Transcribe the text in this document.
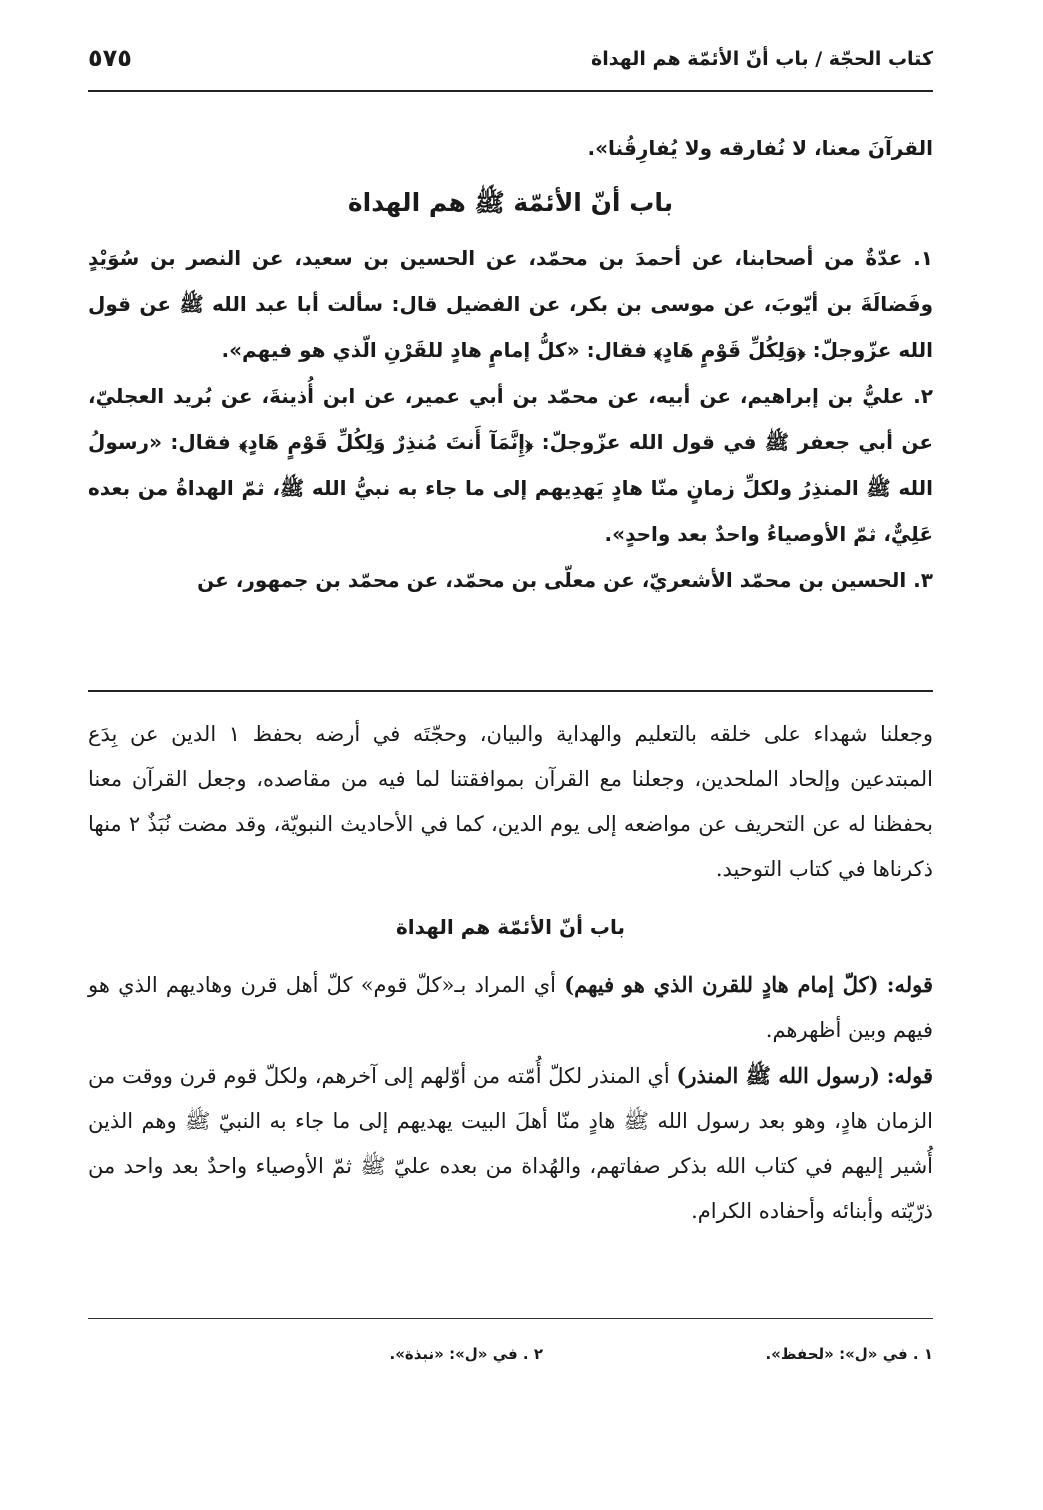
٥٧٥	كتاب الحجّة / باب أنّ الأئمّة هم الهداة

القرآنَ معنا، لا نُفارقه ولا يُفارِقُنا».

باب أنّ الأئمّة ﷺ هم الهداة

١. عدّةٌ من أصحابنا، عن أحمدَ بن محمّد، عن الحسين بن سعيد، عن النصر بن سُوَيْدٍ وفَضالَةَ بن أيّوبَ، عن موسى بن بكر، عن الفضيل قال: سألت أبا عبد الله ﷺ عن قول الله عزّوجلّ: ﴿وَلِكُلِّ قَوْمٍ هَادٍ﴾ فقال: «كلُّ إمامٍ هادٍ للقَرْنِ الّذي هو فيهم».

٢. عليُّ بن إبراهيم، عن أبيه، عن محمّد بن أبي عمير، عن ابن أُذينةَ، عن بُريد العجليّ، عن أبي جعفر ﷺ في قول الله عزّوجلّ: ﴿إِنَّمَآ أَنتَ مُنذِرٌ وَلِكُلِّ قَوْمٍ هَادٍ﴾ فقال: «رسولُ الله ﷺ المنذِرُ ولكلِّ زمانٍ منّا هادٍ يَهدِيهم إلى ما جاء به نبيُّ الله ﷺ، ثمّ الهداةُ من بعده عَلِيٌّ، ثمّ الأوصياءُ واحدٌ بعد واحدٍ».

٣. الحسين بن محمّد الأشعريّ، عن معلّى بن محمّد، عن محمّد بن جمهور، عن

وجعلنا شهداء على خلقه بالتعليم والهداية والبيان، وحجّتَه في أرضه بحفظ ١ الدين عن بِدَع المبتدعين وإلحاد الملحدين، وجعلنا مع القرآن بموافقتنا لما فيه من مقاصده، وجعل القرآن معنا بحفظنا له عن التحريف عن مواضعه إلى يوم الدين، كما في الأحاديث النبويّة، وقد مضت نُبَذٌ ٢ منها ذكرناها في كتاب التوحيد.

باب أنّ الأئمّة هم الهداة

قوله: (كلّ إمام هادٍ للقرن الذي هو فيهم) أي المراد بـ«كلّ قوم» كلّ أهل قرن وهاديهم الذي هو فيهم وبين أظهرهم.

قوله: (رسول الله ﷺ المنذر) أي المنذر لكلّ أُمّته من أوّلهم إلى آخرهم، ولكلّ قوم قرن ووقت من الزمان هادٍ، وهو بعد رسول الله ﷺ هادٍ منّا أهلَ البيت يهديهم إلى ما جاء به النبيّ ﷺ وهم الذين أُشير إليهم في كتاب الله بذكر صفاتهم، والهُداة من بعده عليّ ﷺ ثمّ الأوصياء واحدٌ بعد واحد من ذرّيّته وأبنائه وأحفاده الكرام.

١ . في «ل»: «لحفظ».
٢ . في «ل»: «نبذة».
